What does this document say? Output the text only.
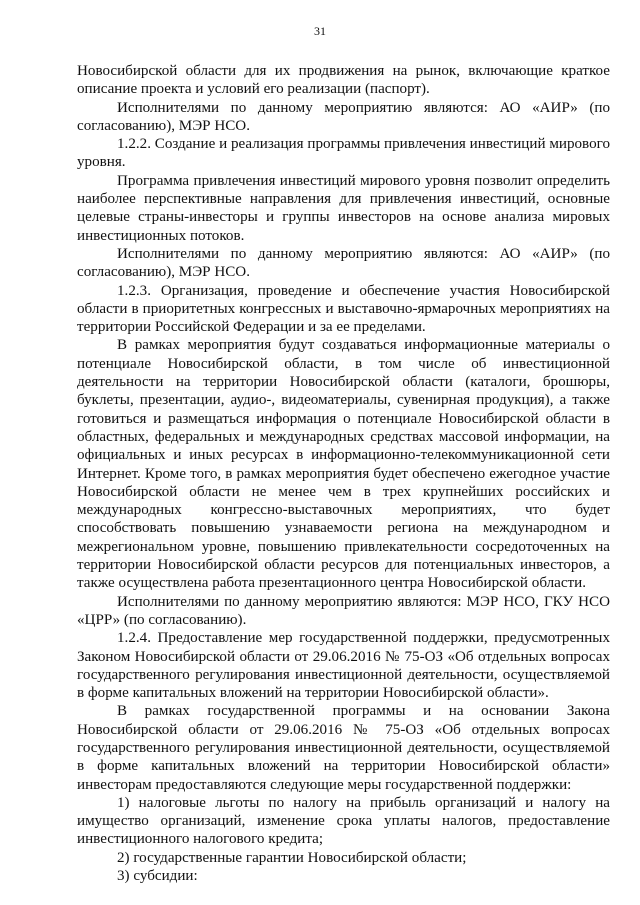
31

Новосибирской области для их продвижения на рынок, включающие краткое описание проекта и условий его реализации (паспорт).

Исполнителями по данному мероприятию являются: АО «АИР» (по согласованию), МЭР НСО.

1.2.2. Создание и реализация программы привлечения инвестиций мирового уровня.

Программа привлечения инвестиций мирового уровня позволит определить наиболее перспективные направления для привлечения инвестиций, основные целевые страны-инвесторы и группы инвесторов на основе анализа мировых инвестиционных потоков.

Исполнителями по данному мероприятию являются: АО «АИР» (по согласованию), МЭР НСО.

1.2.3. Организация, проведение и обеспечение участия Новосибирской области в приоритетных конгрессных и выставочно-ярмарочных мероприятиях на территории Российской Федерации и за ее пределами.

В рамках мероприятия будут создаваться информационные материалы о потенциале Новосибирской области, в том числе об инвестиционной деятельности на территории Новосибирской области (каталоги, брошюры, буклеты, презентации, аудио-, видеоматериалы, сувенирная продукция), а также готовиться и размещаться информация о потенциале Новосибирской области в областных, федеральных и международных средствах массовой информации, на официальных и иных ресурсах в информационно-телекоммуникационной сети Интернет. Кроме того, в рамках мероприятия будет обеспечено ежегодное участие Новосибирской области не менее чем в трех крупнейших российских и международных конгрессно-выставочных мероприятиях, что будет способствовать повышению узнаваемости региона на международном и межрегиональном уровне, повышению привлекательности сосредоточенных на территории Новосибирской области ресурсов для потенциальных инвесторов, а также осуществлена работа презентационного центра Новосибирской области.

Исполнителями по данному мероприятию являются: МЭР НСО, ГКУ НСО «ЦРР» (по согласованию).

1.2.4. Предоставление мер государственной поддержки, предусмотренных Законом Новосибирской области от 29.06.2016 № 75-ОЗ «Об отдельных вопросах государственного регулирования инвестиционной деятельности, осуществляемой в форме капитальных вложений на территории Новосибирской области».

В рамках государственной программы и на основании Закона Новосибирской области от 29.06.2016 № 75-ОЗ «Об отдельных вопросах государственного регулирования инвестиционной деятельности, осуществляемой в форме капитальных вложений на территории Новосибирской области» инвесторам предоставляются следующие меры государственной поддержки:

1) налоговые льготы по налогу на прибыль организаций и налогу на имущество организаций, изменение срока уплаты налогов, предоставление инвестиционного налогового кредита;

2) государственные гарантии Новосибирской области;

3) субсидии:
